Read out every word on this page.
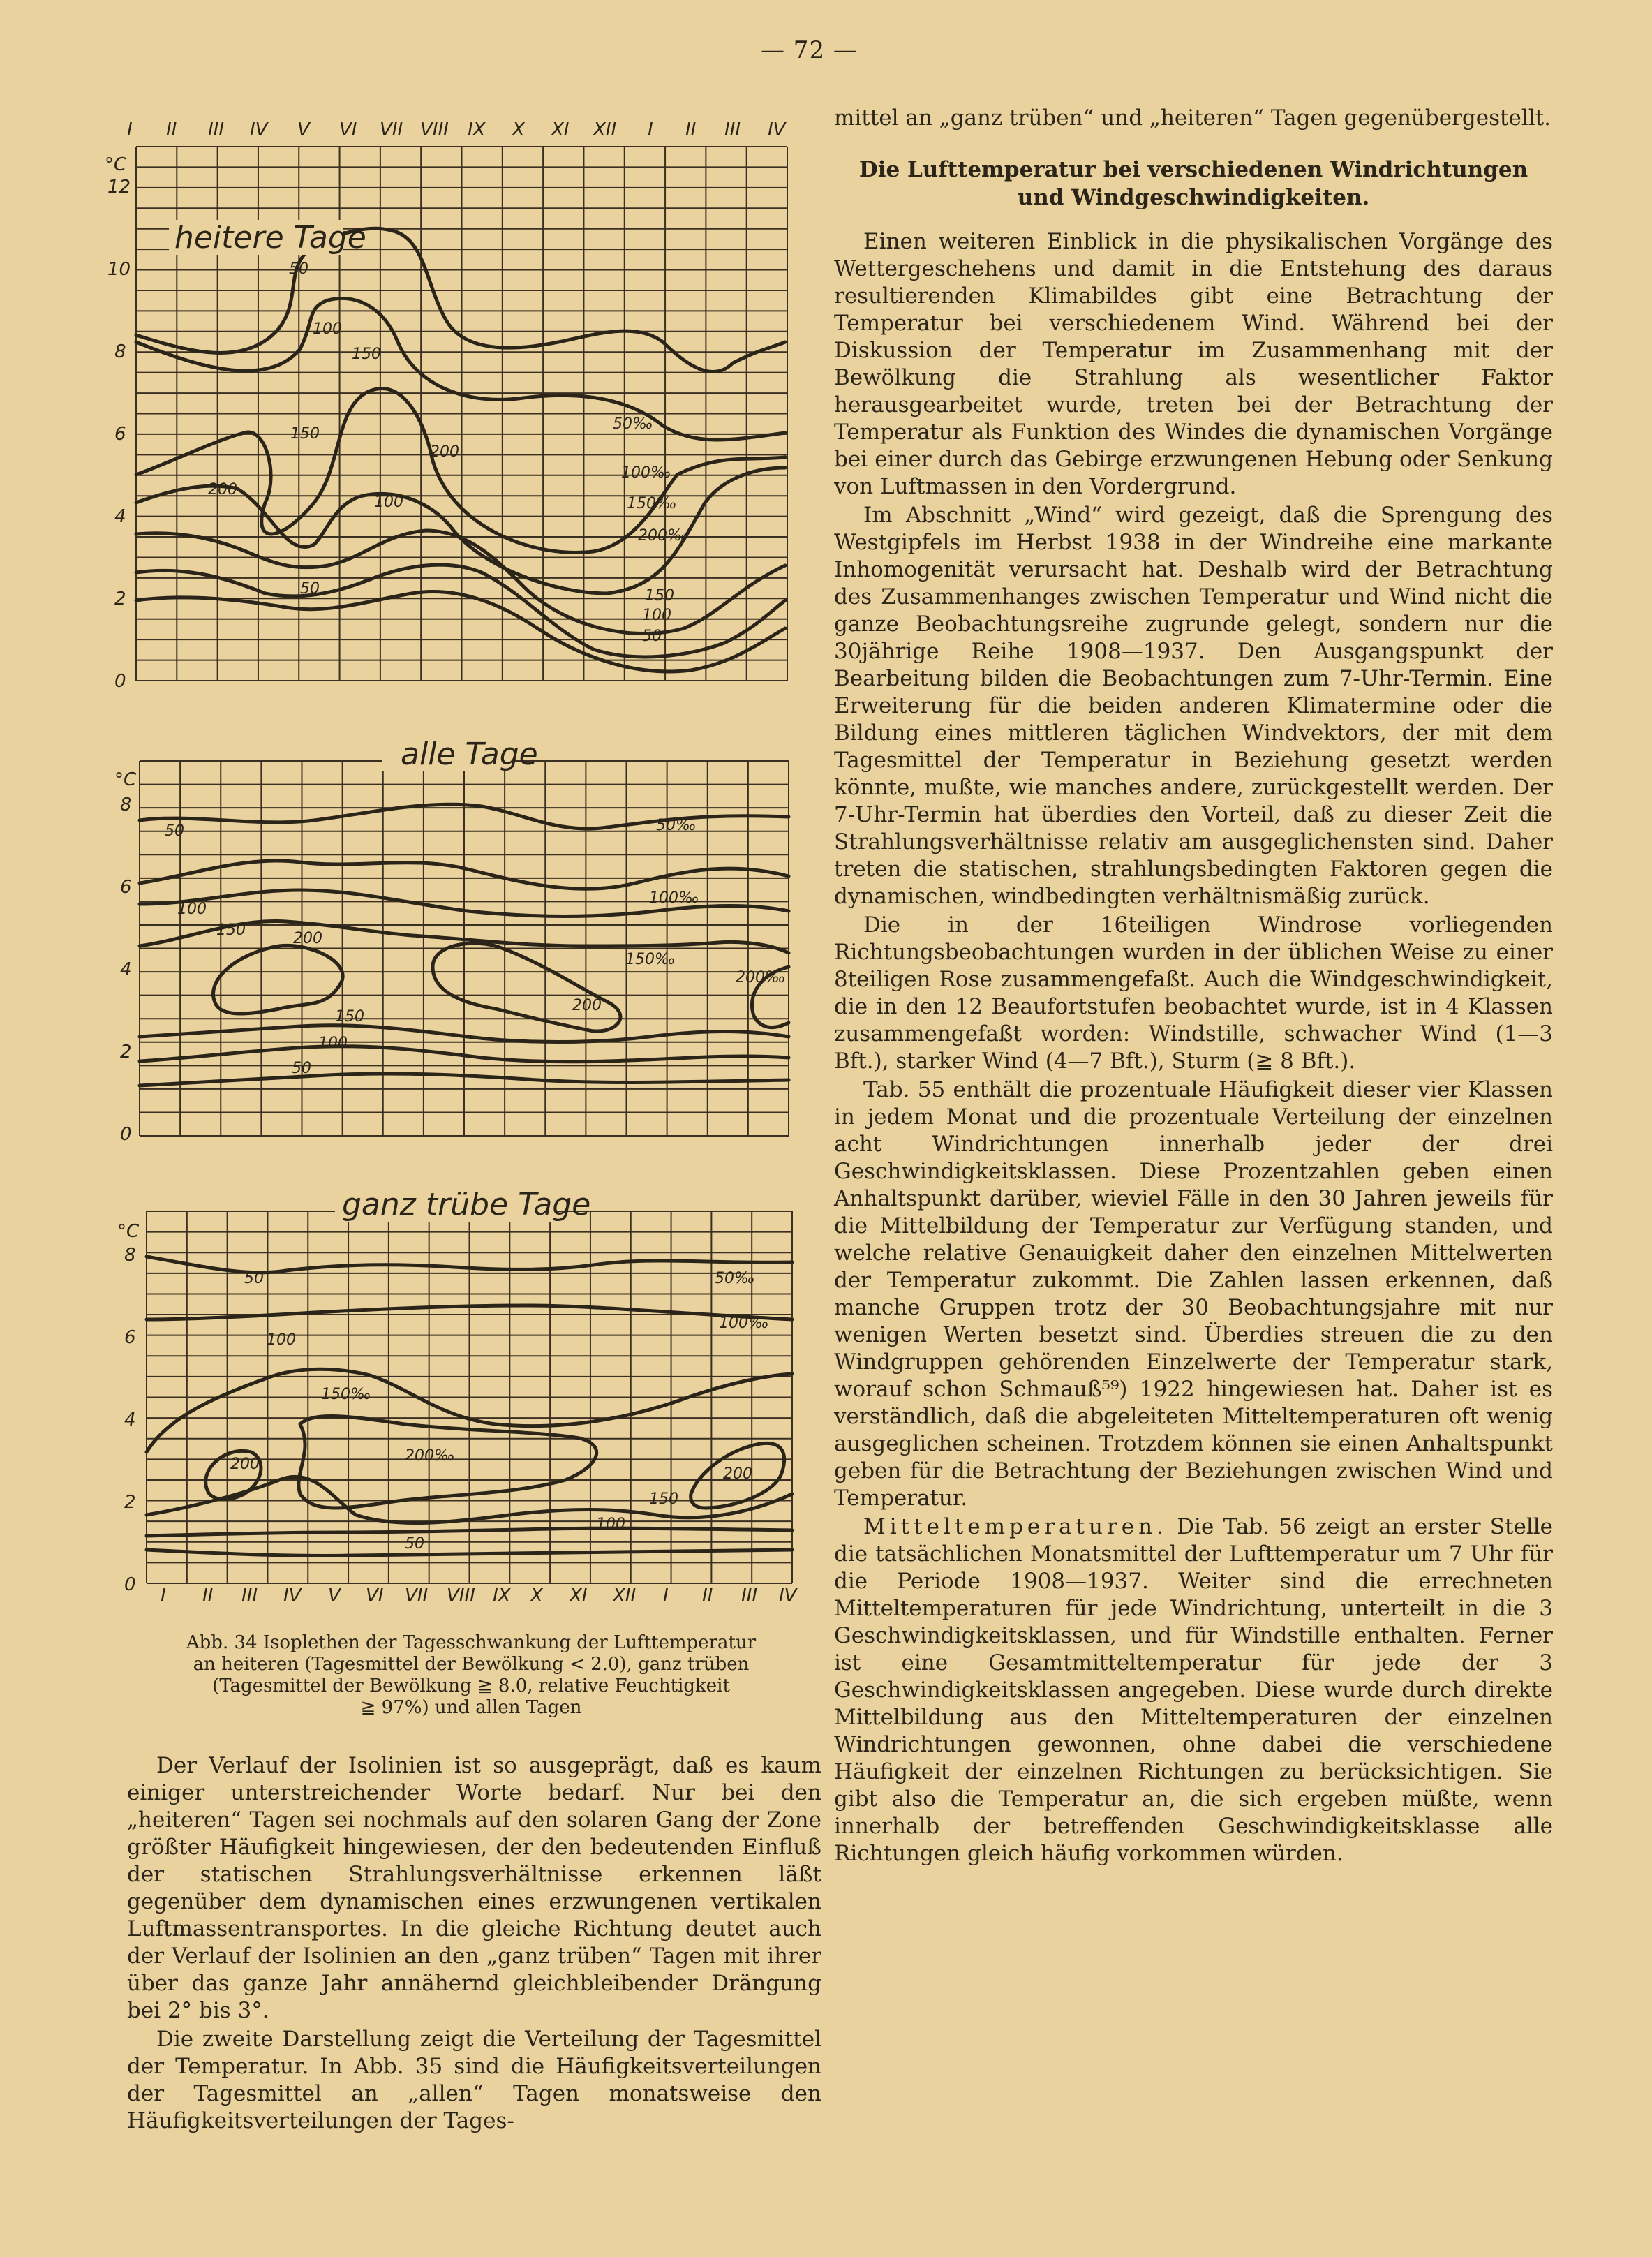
— 72 —
I II III IV V VI VII VIII IX X XI XII I II III IV
°C
12
10
8
6
4
2
0
heitere Tage
50
100
150
200
150
200
100
50	150
100
50
50‰
100‰
150‰
200‰
°C
8
6
4
2
0
alle Tage
50
100
150	200
150
100
50
200
50‰
100‰
150‰
200‰
°C
8
6
4
2
0
ganz trübe Tage
50
100
150‰
200	200‰
100
50
150
200
50‰
100‰
I II III IV V VI VII VIII IX X XI XII I II III IV
Abb. 34 Isoplethen der Tagesschwankung der Lufttemperatur
an heiteren (Tagesmittel der Bewölkung < 2.0), ganz trüben
(Tagesmittel der Bewölkung ≧ 8.0, relative Feuchtigkeit
≧ 97%) und allen Tagen

Der Verlauf der Isolinien ist so ausgeprägt, daß es kaum einiger unterstreichender Worte bedarf. Nur bei den „heiteren“ Tagen sei nochmals auf den solaren Gang der Zone größter Häufigkeit hingewiesen, der den bedeutenden Einfluß der statischen Strahlungsverhältnisse erkennen läßt gegenüber dem dynamischen eines erzwungenen vertikalen Luftmassentransportes. In die gleiche Richtung deutet auch der Verlauf der Isolinien an den „ganz trüben“ Tagen mit ihrer über das ganze Jahr annähernd gleichbleibender Drängung bei 2° bis 3°.

Die zweite Darstellung zeigt die Verteilung der Tagesmittel der Temperatur. In Abb. 35 sind die Häufigkeitsverteilungen der Tagesmittel an „allen“ Tagen monatsweise den Häufigkeitsverteilungen der Tages-

mittel an „ganz trüben“ und „heiteren“ Tagen gegenübergestellt.

Die Lufttemperatur bei verschiedenen Windrichtungen
und Windgeschwindigkeiten.

Einen weiteren Einblick in die physikalischen Vorgänge des Wettergeschehens und damit in die Entstehung des daraus resultierenden Klimabildes gibt eine Betrachtung der Temperatur bei verschiedenem Wind. Während bei der Diskussion der Temperatur im Zusammenhang mit der Bewölkung die Strahlung als wesentlicher Faktor herausgearbeitet wurde, treten bei der Betrachtung der Temperatur als Funktion des Windes die dynamischen Vorgänge bei einer durch das Gebirge erzwungenen Hebung oder Senkung von Luftmassen in den Vordergrund.

Im Abschnitt „Wind“ wird gezeigt, daß die Sprengung des Westgipfels im Herbst 1938 in der Windreihe eine markante Inhomogenität verursacht hat. Deshalb wird der Betrachtung des Zusammenhanges zwischen Temperatur und Wind nicht die ganze Beobachtungsreihe zugrunde gelegt, sondern nur die 30jährige Reihe 1908—1937. Den Ausgangspunkt der Bearbeitung bilden die Beobachtungen zum 7-Uhr-Termin. Eine Erweiterung für die beiden anderen Klimatermine oder die Bildung eines mittleren täglichen Windvektors, der mit dem Tagesmittel der Temperatur in Beziehung gesetzt werden könnte, mußte, wie manches andere, zurückgestellt werden. Der 7-Uhr-Termin hat überdies den Vorteil, daß zu dieser Zeit die Strahlungsverhältnisse relativ am ausgeglichensten sind. Daher treten die statischen, strahlungsbedingten Faktoren gegen die dynamischen, windbedingten verhältnismäßig zurück.

Die in der 16teiligen Windrose vorliegenden Richtungsbeobachtungen wurden in der üblichen Weise zu einer 8teiligen Rose zusammengefaßt. Auch die Windgeschwindigkeit, die in den 12 Beaufortstufen beobachtet wurde, ist in 4 Klassen zusammengefaßt worden: Windstille, schwacher Wind (1—3 Bft.), starker Wind (4—7 Bft.), Sturm (≧ 8 Bft.).

Tab. 55 enthält die prozentuale Häufigkeit dieser vier Klassen in jedem Monat und die prozentuale Verteilung der einzelnen acht Windrichtungen innerhalb jeder der drei Geschwindigkeitsklassen. Diese Prozentzahlen geben einen Anhaltspunkt darüber, wieviel Fälle in den 30 Jahren jeweils für die Mittelbildung der Temperatur zur Verfügung standen, und welche relative Genauigkeit daher den einzelnen Mittelwerten der Temperatur zukommt. Die Zahlen lassen erkennen, daß manche Gruppen trotz der 30 Beobachtungsjahre mit nur wenigen Werten besetzt sind. Überdies streuen die zu den Windgruppen gehörenden Einzelwerte der Temperatur stark, worauf schon Schmauß⁵⁹) 1922 hingewiesen hat. Daher ist es verständlich, daß die abgeleiteten Mitteltemperaturen oft wenig ausgeglichen scheinen. Trotzdem können sie einen Anhaltspunkt geben für die Betrachtung der Beziehungen zwischen Wind und Temperatur.

Mitteltemperaturen. Die Tab. 56 zeigt an erster Stelle die tatsächlichen Monatsmittel der Lufttemperatur um 7 Uhr für die Periode 1908—1937. Weiter sind die errechneten Mitteltemperaturen für jede Windrichtung, unterteilt in die 3 Geschwindigkeitsklassen, und für Windstille enthalten. Ferner ist eine Gesamtmitteltemperatur für jede der 3 Geschwindigkeitsklassen angegeben. Diese wurde durch direkte Mittelbildung aus den Mitteltemperaturen der einzelnen Windrichtungen gewonnen, ohne dabei die verschiedene Häufigkeit der einzelnen Richtungen zu berücksichtigen. Sie gibt also die Temperatur an, die sich ergeben müßte, wenn innerhalb der betreffenden Geschwindigkeitsklasse alle Richtungen gleich häufig vorkommen würden.
